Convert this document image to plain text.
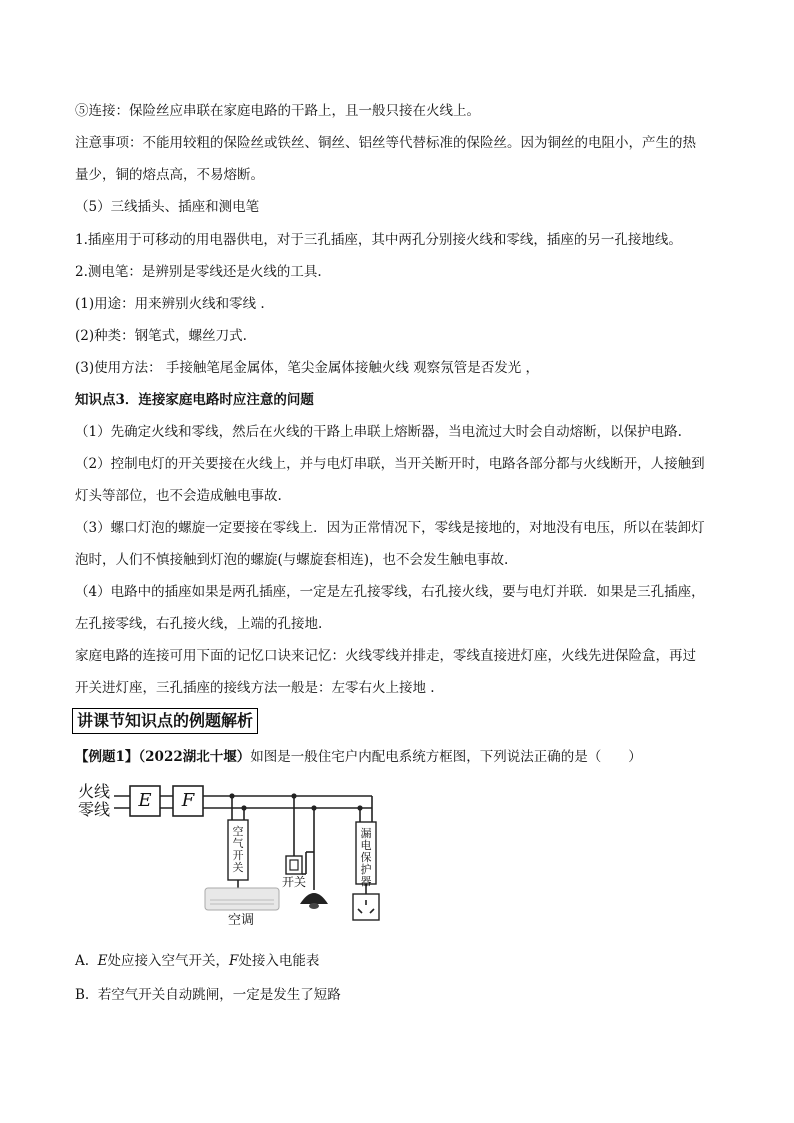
⑤连接：保险丝应串联在家庭电路的干路上，且一般只接在火线上。
注意事项：不能用较粗的保险丝或铁丝、铜丝、铝丝等代替标准的保险丝。因为铜丝的电阻小，产生的热
量少，铜的熔点高，不易熔断。
（5）三线插头、插座和测电笔
1.插座用于可移动的用电器供电，对于三孔插座，其中两孔分别接火线和零线，插座的另一孔接地线。
2.测电笔：是辨别是零线还是火线的工具.
(1)用途：用来辨别火线和零线 .
(2)种类：钢笔式，螺丝刀式.
(3)使用方法： 手接触笔尾金属体，笔尖金属体接触火线 观察氖管是否发光 ，
知识点3．连接家庭电路时应注意的问题
（1）先确定火线和零线，然后在火线的干路上串联上熔断器，当电流过大时会自动熔断，以保护电路.
（2）控制电灯的开关要接在火线上，并与电灯串联，当开关断开时，电路各部分都与火线断开，人接触到
灯头等部位，也不会造成触电事故.
（3）螺口灯泡的螺旋一定要接在零线上．因为正常情况下，零线是接地的，对地没有电压，所以在装卸灯
泡时，人们不慎接触到灯泡的螺旋(与螺旋套相连)，也不会发生触电事故.
（4）电路中的插座如果是两孔插座，一定是左孔接零线，右孔接火线，要与电灯并联．如果是三孔插座，
左孔接零线，右孔接火线，上端的孔接地.
家庭电路的连接可用下面的记忆口诀来记忆：火线零线并排走，零线直接进灯座，火线先进保险盒，再过
开关进灯座，三孔插座的接线方法一般是：左零右火上接地 .
讲课节知识点的例题解析
【例题1】（2022湖北十堰）如图是一般住宅户内配电系统方框图，下列说法正确的是（　　）
火线
零线	E	F
空气开关
开关
空调
漏电保护器
A. E处应接入空气开关，F处接入电能表
B. 若空气开关自动跳闸，一定是发生了短路
